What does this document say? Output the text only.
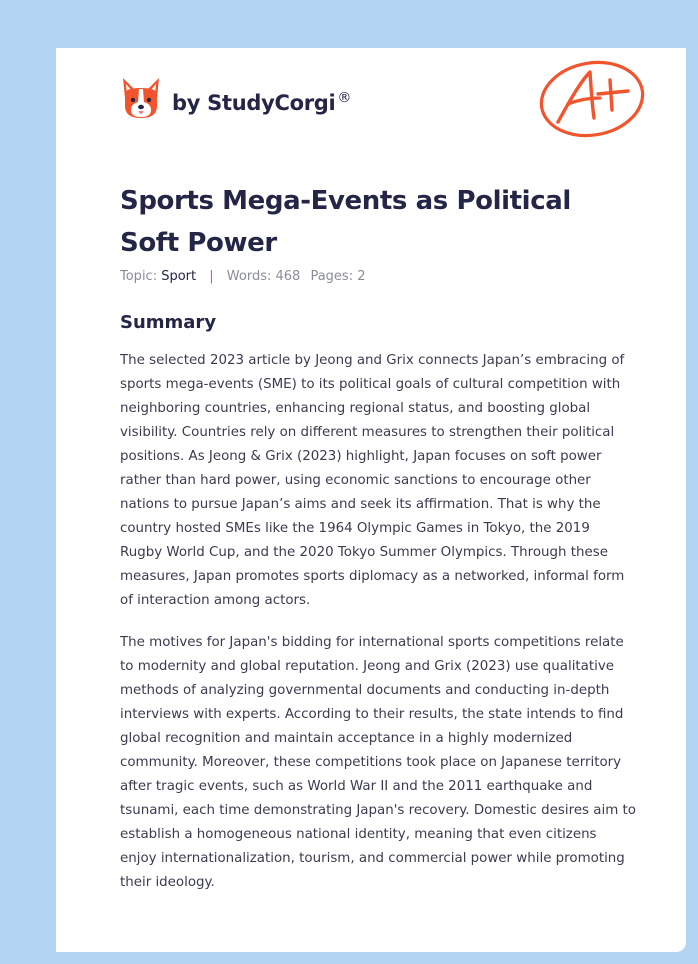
by StudyCorgi ®
A+
Sports Mega-Events as Political Soft Power
Topic: Sport | Words: 468 Pages: 2
Summary

The selected 2023 article by Jeong and Grix connects Japan’s embracing of sports mega-events (SME) to its political goals of cultural competition with neighboring countries, enhancing regional status, and boosting global visibility. Countries rely on different measures to strengthen their political positions. As Jeong & Grix (2023) highlight, Japan focuses on soft power rather than hard power, using economic sanctions to encourage other nations to pursue Japan’s aims and seek its affirmation. That is why the country hosted SMEs like the 1964 Olympic Games in Tokyo, the 2019 Rugby World Cup, and the 2020 Tokyo Summer Olympics. Through these measures, Japan promotes sports diplomacy as a networked, informal form of interaction among actors.

The motives for Japan's bidding for international sports competitions relate to modernity and global reputation. Jeong and Grix (2023) use qualitative methods of analyzing governmental documents and conducting in-depth interviews with experts. According to their results, the state intends to find global recognition and maintain acceptance in a highly modernized community. Moreover, these competitions took place on Japanese territory after tragic events, such as World War II and the 2011 earthquake and tsunami, each time demonstrating Japan's recovery. Domestic desires aim to establish a homogeneous national identity, meaning that even citizens enjoy internationalization, tourism, and commercial power while promoting their ideology.
